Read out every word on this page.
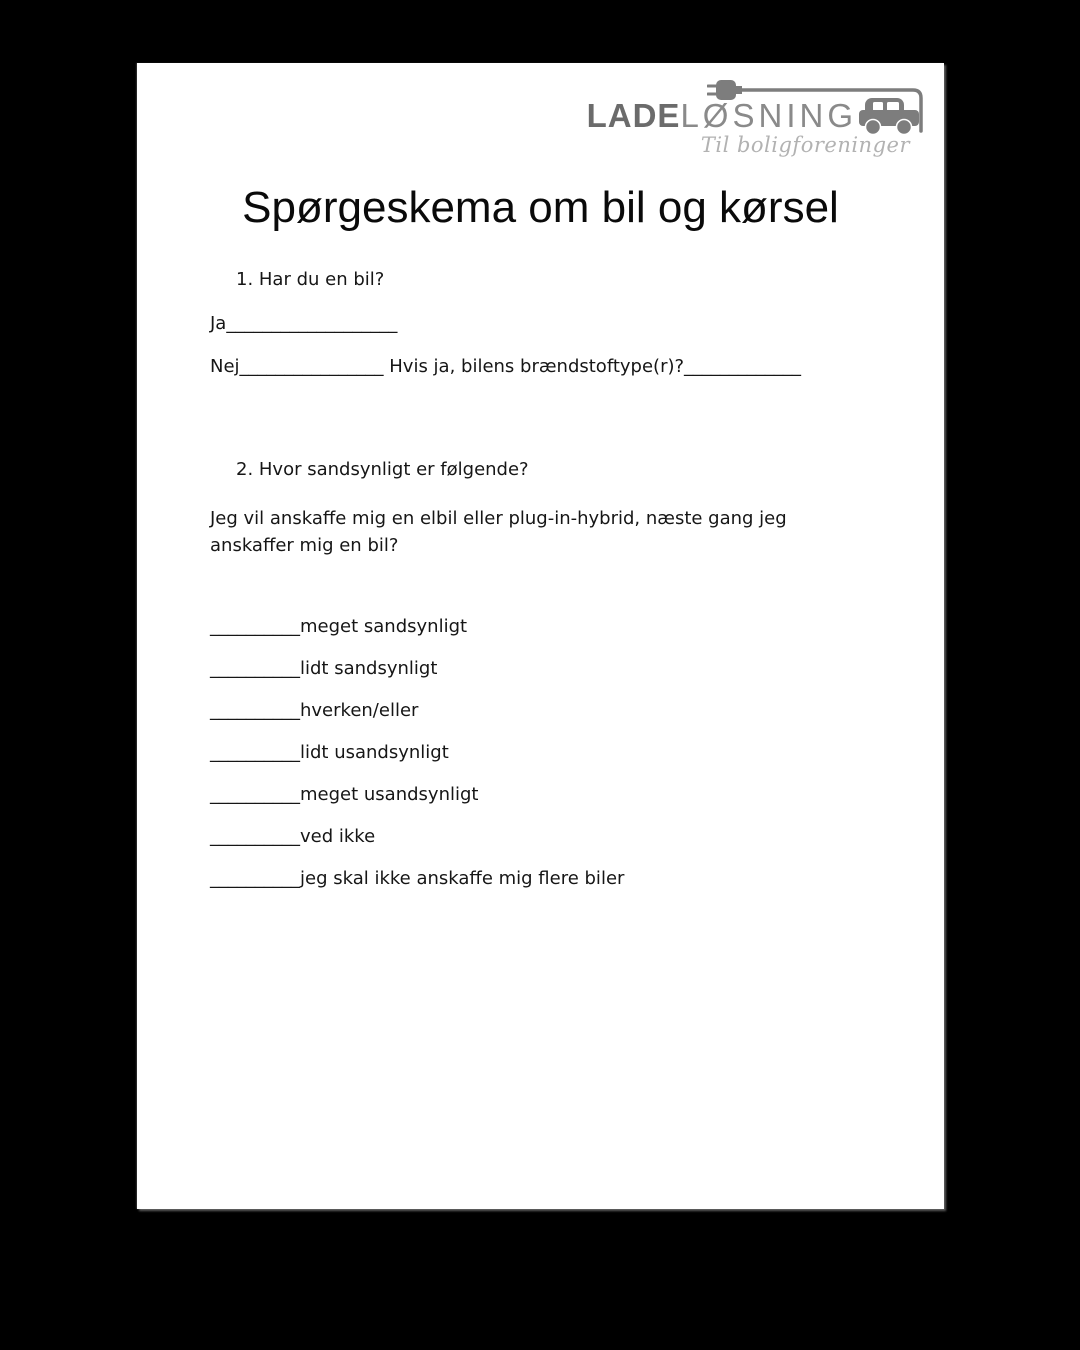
LADELØSNING
Til boligforeninger
Spørgeskema om bil og kørsel
1. Har du en bil?
Ja___________________
Nej________________ Hvis ja, bilens brændstoftype(r)?_____________
2. Hvor sandsynligt er følgende?
Jeg vil anskaffe mig en elbil eller plug-in-hybrid, næste gang jeg
anskaffer mig en bil?

__________meget sandsynligt

__________lidt sandsynligt

__________hverken/eller

__________lidt usandsynligt

__________meget usandsynligt

__________ved ikke

__________jeg skal ikke anskaffe mig flere biler
